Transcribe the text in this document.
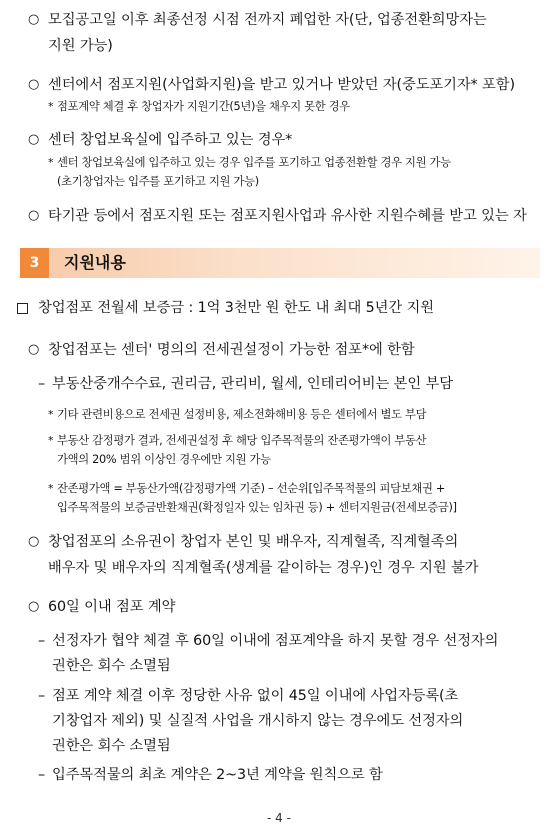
○ 모집공고일 이후 최종선정 시점 전까지 폐업한 자(단, 업종전환희망자는
지원 가능)
○ 센터에서 점포지원(사업화지원)을 받고 있거나 받았던 자(중도포기자* 포함)
* 점포계약 체결 후 창업자가 지원기간(5년)을 채우지 못한 경우
○ 센터 창업보육실에 입주하고 있는 경우*
* 센터 창업보육실에 입주하고 있는 경우 입주를 포기하고 업종전환할 경우 지원 가능
(초기창업자는 입주를 포기하고 지원 가능)
○ 타기관 등에서 점포지원 또는 점포지원사업과 유사한 지원수혜를 받고 있는 자
3	지원내용
창업점포 전월세 보증금 : 1억 3천만 원 한도 내 최대 5년간 지원
○ 창업점포는 센터' 명의의 전세권설정이 가능한 점포*에 한함
– 부동산중개수수료, 권리금, 관리비, 월세, 인테리어비는 본인 부담
* 기타 관련비용으로 전세권 설정비용, 제소전화해비용 등은 센터에서 별도 부담
* 부동산 감정평가 결과, 전세권설정 후 해당 입주목적물의 잔존평가액이 부동산
가액의 20% 범위 이상인 경우에만 지원 가능
* 잔존평가액 = 부동산가액(감정평가액 기준) – 선순위[입주목적물의 피담보채권 +
입주목적물의 보증금반환채권(확정일자 있는 임차권 등) + 센터지원금(전세보증금)]
○ 창업점포의 소유권이 창업자 본인 및 배우자, 직계혈족, 직계혈족의
배우자 및 배우자의 직계혈족(생계를 같이하는 경우)인 경우 지원 불가
○ 60일 이내 점포 계약
– 선정자가 협약 체결 후 60일 이내에 점포계약을 하지 못할 경우 선정자의
권한은 회수 소멸됨
– 점포 계약 체결 이후 정당한 사유 없이 45일 이내에 사업자등록(초
기창업자 제외) 및 실질적 사업을 개시하지 않는 경우에도 선정자의
권한은 회수 소멸됨
– 입주목적물의 최초 계약은 2~3년 계약을 원칙으로 함
- 4 -
